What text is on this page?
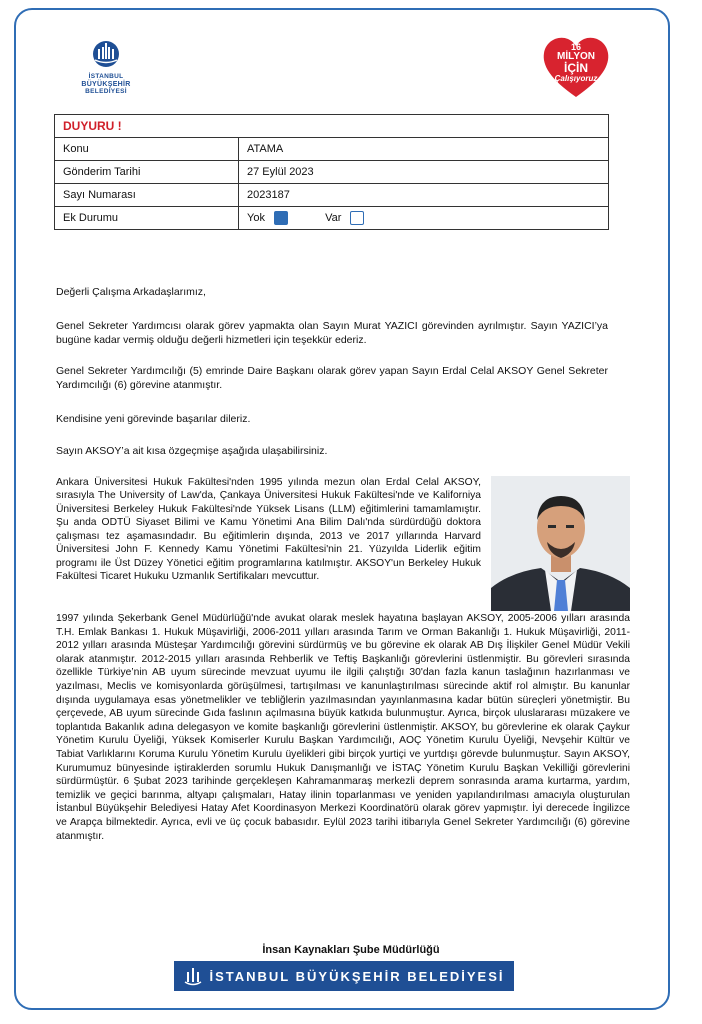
İSTANBUL
BÜYÜKŞEHİR
BELEDİYESİ
16
MİLYON
İÇİN
Çalışıyoruz
DUYURU !	
Konu	ATAMA
Gönderim Tarihi	27 Eylül 2023
Sayı Numarası	2023187
Ek Durumu	Yok Var

Değerli Çalışma Arkadaşlarımız,

Genel Sekreter Yardımcısı olarak görev yapmakta olan Sayın Murat YAZICI görevinden ayrılmıştır. Sayın YAZICI’ya bugüne kadar vermiş olduğu değerli hizmetleri için teşekkür ederiz.

Genel Sekreter Yardımcılığı (5) emrinde Daire Başkanı olarak görev yapan Sayın Erdal Celal AKSOY Genel Sekreter Yardımcılığı (6) görevine atanmıştır.

Kendisine yeni görevinde başarılar dileriz.

Sayın AKSOY’a ait kısa özgeçmişe aşağıda ulaşabilirsiniz.

Ankara Üniversitesi Hukuk Fakültesi'nden 1995 yılında mezun olan Erdal Celal AKSOY, sırasıyla The University of Law'da, Çankaya Üniversitesi Hukuk Fakültesi'nde ve Kaliforniya Üniversitesi Berkeley Hukuk Fakültesi'nde Yüksek Lisans (LLM) eğitimlerini tamamlamıştır. Şu anda ODTÜ Siyaset Bilimi ve Kamu Yönetimi Ana Bilim Dalı'nda sürdürdüğü doktora çalışması tez aşamasındadır. Bu eğitimlerin dışında, 2013 ve 2017 yıllarında Harvard Üniversitesi John F. Kennedy Kamu Yönetimi Fakültesi'nin 21. Yüzyılda Liderlik eğitim programı ile Üst Düzey Yönetici eğitim programlarına katılmıştır. AKSOY'un Berkeley Hukuk Fakültesi Ticaret Hukuku Uzmanlık Sertifikaları mevcuttur.

1997 yılında Şekerbank Genel Müdürlüğü'nde avukat olarak meslek hayatına başlayan AKSOY, 2005-2006 yılları arasında T.H. Emlak Bankası 1. Hukuk Müşavirliği, 2006-2011 yılları arasında Tarım ve Orman Bakanlığı 1. Hukuk Müşavirliği, 2011-2012 yılları arasında Müsteşar Yardımcılığı görevini sürdürmüş ve bu görevine ek olarak AB Dış İlişkiler Genel Müdür Vekili olarak atanmıştır. 2012-2015 yılları arasında Rehberlik ve Teftiş Başkanlığı görevlerini üstlenmiştir. Bu görevleri sırasında özellikle Türkiye’nin AB uyum sürecinde mevzuat uyumu ile ilgili çalıştığı 30'dan fazla kanun taslağının hazırlanması ve yazılması, Meclis ve komisyonlarda görüşülmesi, tartışılması ve kanunlaştırılması sürecinde aktif rol almıştır. Bu kanunlar dışında uygulamaya esas yönetmelikler ve tebliğlerin yazılmasından yayınlanmasına kadar bütün süreçleri yönetmiştir. Bu çerçevede, AB uyum sürecinde Gıda faslının açılmasına büyük katkıda bulunmuştur. Ayrıca, birçok uluslararası müzakere ve toplantıda Bakanlık adına delegasyon ve komite başkanlığı görevlerini üstlenmiştir. AKSOY, bu görevlerine ek olarak Çaykur Yönetim Kurulu Üyeliği, Yüksek Komiserler Kurulu Başkan Yardımcılığı, AOÇ Yönetim Kurulu Üyeliği, Nevşehir Kültür ve Tabiat Varlıklarını Koruma Kurulu Yönetim Kurulu üyelikleri gibi birçok yurtiçi ve yurtdışı görevde bulunmuştur. Sayın AKSOY, Kurumumuz bünyesinde iştiraklerden sorumlu Hukuk Danışmanlığı ve İSTAÇ Yönetim Kurulu Başkan Vekilliği görevlerini sürdürmüştür. 6 Şubat 2023 tarihinde gerçekleşen Kahramanmaraş merkezli deprem sonrasında arama kurtarma, yardım, temizlik ve geçici barınma, altyapı çalışmaları, Hatay ilinin toparlanması ve yeniden yapılandırılması amacıyla oluşturulan İstanbul Büyükşehir Belediyesi Hatay Afet Koordinasyon Merkezi Koordinatörü olarak görev yapmıştır. İyi derecede İngilizce ve Arapça bilmektedir. Ayrıca, evli ve üç çocuk babasıdır. Eylül 2023 tarihi itibarıyla Genel Sekreter Yardımcılığı (6) görevine atanmıştır.

İnsan Kaynakları Şube Müdürlüğü
İSTANBUL BÜYÜKŞEHİR BELEDİYESİ
